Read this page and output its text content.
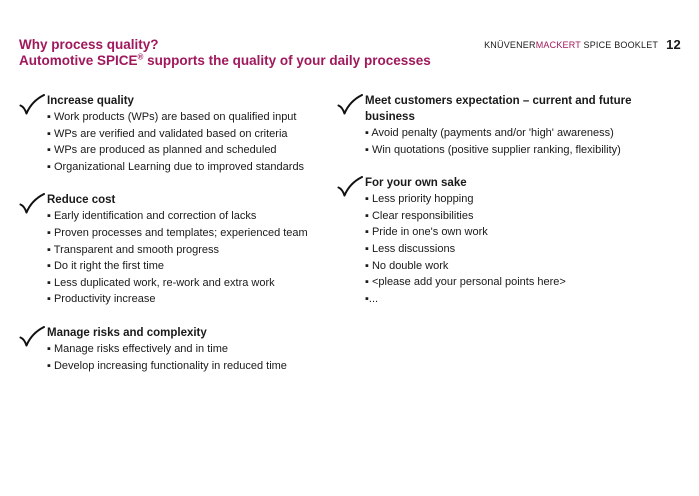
Why process quality?
Automotive SPICE® supports the quality of your daily processes
KNÜVENERMACKERT SPICE BOOKLET 12
Increase quality
▪ Work products (WPs) are based on qualified input
▪ WPs are verified and validated based on criteria
▪ WPs are produced as planned and scheduled
▪ Organizational Learning due to improved standards
Reduce cost
▪ Early identification and correction of lacks
▪ Proven processes and templates; experienced team
▪ Transparent and smooth progress
▪ Do it right the first time
▪ Less duplicated work, re-work and extra work
▪ Productivity increase
Manage risks and complexity
▪ Manage risks effectively and in time
▪ Develop increasing functionality in reduced time
Meet customers expectation – current and future business
▪ Avoid penalty (payments and/or 'high' awareness)
▪ Win quotations (positive supplier ranking, flexibility)
For your own sake
▪ Less priority hopping
▪ Clear responsibilities
▪ Pride in one's own work
▪ Less discussions
▪ No double work
▪ <please add your personal points here>
▪...
